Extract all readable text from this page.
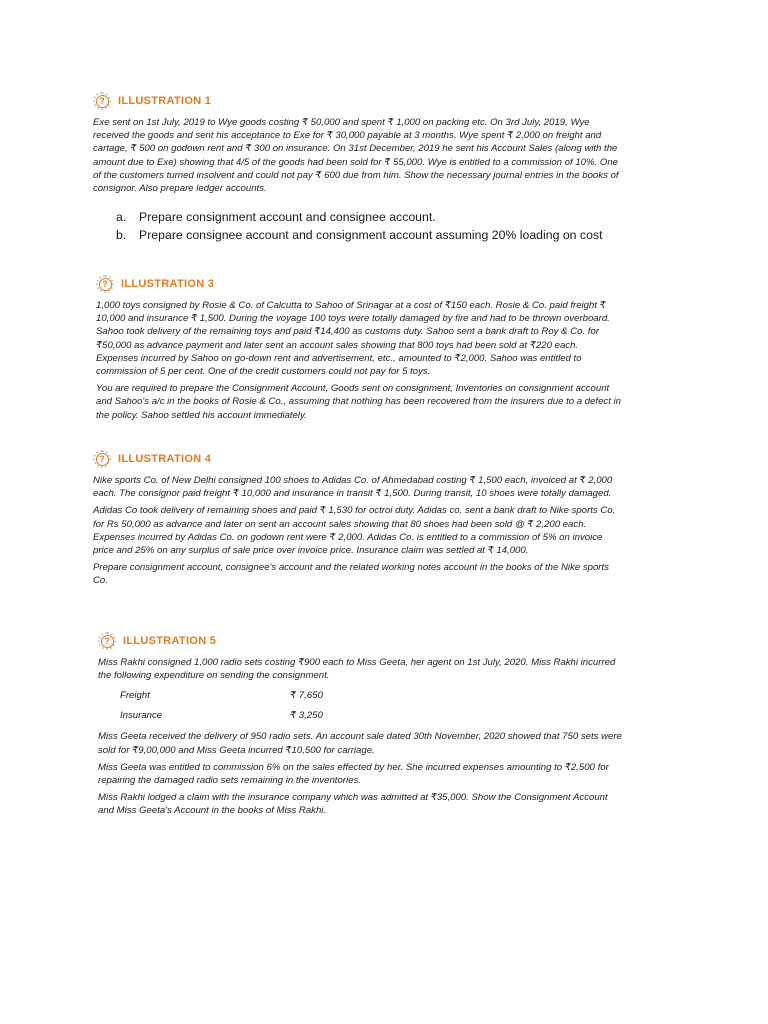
?	ILLUSTRATION 1

Exe sent on 1st July, 2019 to Wye goods costing ₹ 50,000 and spent ₹ 1,000 on packing etc. On 3rd July, 2019, Wye received the goods and sent his acceptance to Exe for ₹ 30,000 payable at 3 months. Wye spent ₹ 2,000 on freight and cartage, ₹ 500 on godown rent and ₹ 300 on insurance. On 31st December, 2019 he sent his Account Sales (along with the amount due to Exe) showing that 4/5 of the goods had been sold for ₹ 55,000. Wye is entitled to a commission of 10%. One of the customers turned insolvent and could not pay ₹ 600 due from him. Show the necessary journal entries in the books of consignor. Also prepare ledger accounts.

a.	Prepare consignment account and consignee account.
b.	Prepare consignee account and consignment account assuming 20% loading on cost
?	ILLUSTRATION 3

1,000 toys consigned by Rosie & Co. of Calcutta to Sahoo of Srinagar at a cost of ₹150 each. Rosie & Co. paid freight ₹ 10,000 and insurance ₹ 1,500. During the voyage 100 toys were totally damaged by fire and had to be thrown overboard. Sahoo took delivery of the remaining toys and paid ₹14,400 as customs duty. Sahoo sent a bank draft to Roy & Co. for ₹50,000 as advance payment and later sent an account sales showing that 800 toys had been sold at ₹220 each. Expenses incurred by Sahoo on go-down rent and advertisement, etc., amounted to ₹2,000. Sahoo was entitled to commission of 5 per cent. One of the credit customers could not pay for 5 toys.

You are required to prepare the Consignment Account, Goods sent on consignment, Inventories on consignment account and Sahoo's a/c in the books of Rosie & Co., assuming that nothing has been recovered from the insurers due to a defect in the policy. Sahoo settled his account immediately.

?	ILLUSTRATION 4

Nike sports Co. of New Delhi consigned 100 shoes to Adidas Co. of Ahmedabad costing ₹ 1,500 each, invoiced at ₹ 2,000 each. The consignor paid freight ₹ 10,000 and insurance in transit ₹ 1,500. During transit, 10 shoes were totally damaged.

Adidas Co took delivery of remaining shoes and paid ₹ 1,530 for octroi duty. Adidas co. sent a bank draft to Nike sports Co. for Rs 50,000 as advance and later on sent an account sales showing that 80 shoes had been sold @ ₹ 2,200 each. Expenses incurred by Adidas Co. on godown rent were ₹ 2,000. Adidas Co. is entitled to a commission of 5% on invoice price and 25% on any surplus of sale price over invoice price. Insurance claim was settled at ₹ 14,000.

Prepare consignment account, consignee's account and the related working notes account in the books of the Nike sports Co.

?	ILLUSTRATION 5

Miss Rakhi consigned 1,000 radio sets costing ₹900 each to Miss Geeta, her agent on 1st July, 2020. Miss Rakhi incurred the following expenditure on sending the consignment.

Freight	₹ 7,650
Insurance	₹ 3,250

Miss Geeta received the delivery of 950 radio sets. An account sale dated 30th November, 2020 showed that 750 sets were sold for ₹9,00,000 and Miss Geeta incurred ₹10,500 for carriage.

Miss Geeta was entitled to commission 6% on the sales effected by her. She incurred expenses amounting to ₹2,500 for repairing the damaged radio sets remaining in the inventories.

Miss Rakhi lodged a claim with the insurance company which was admitted at ₹35,000. Show the Consignment Account and Miss Geeta's Account in the books of Miss Rakhi.
